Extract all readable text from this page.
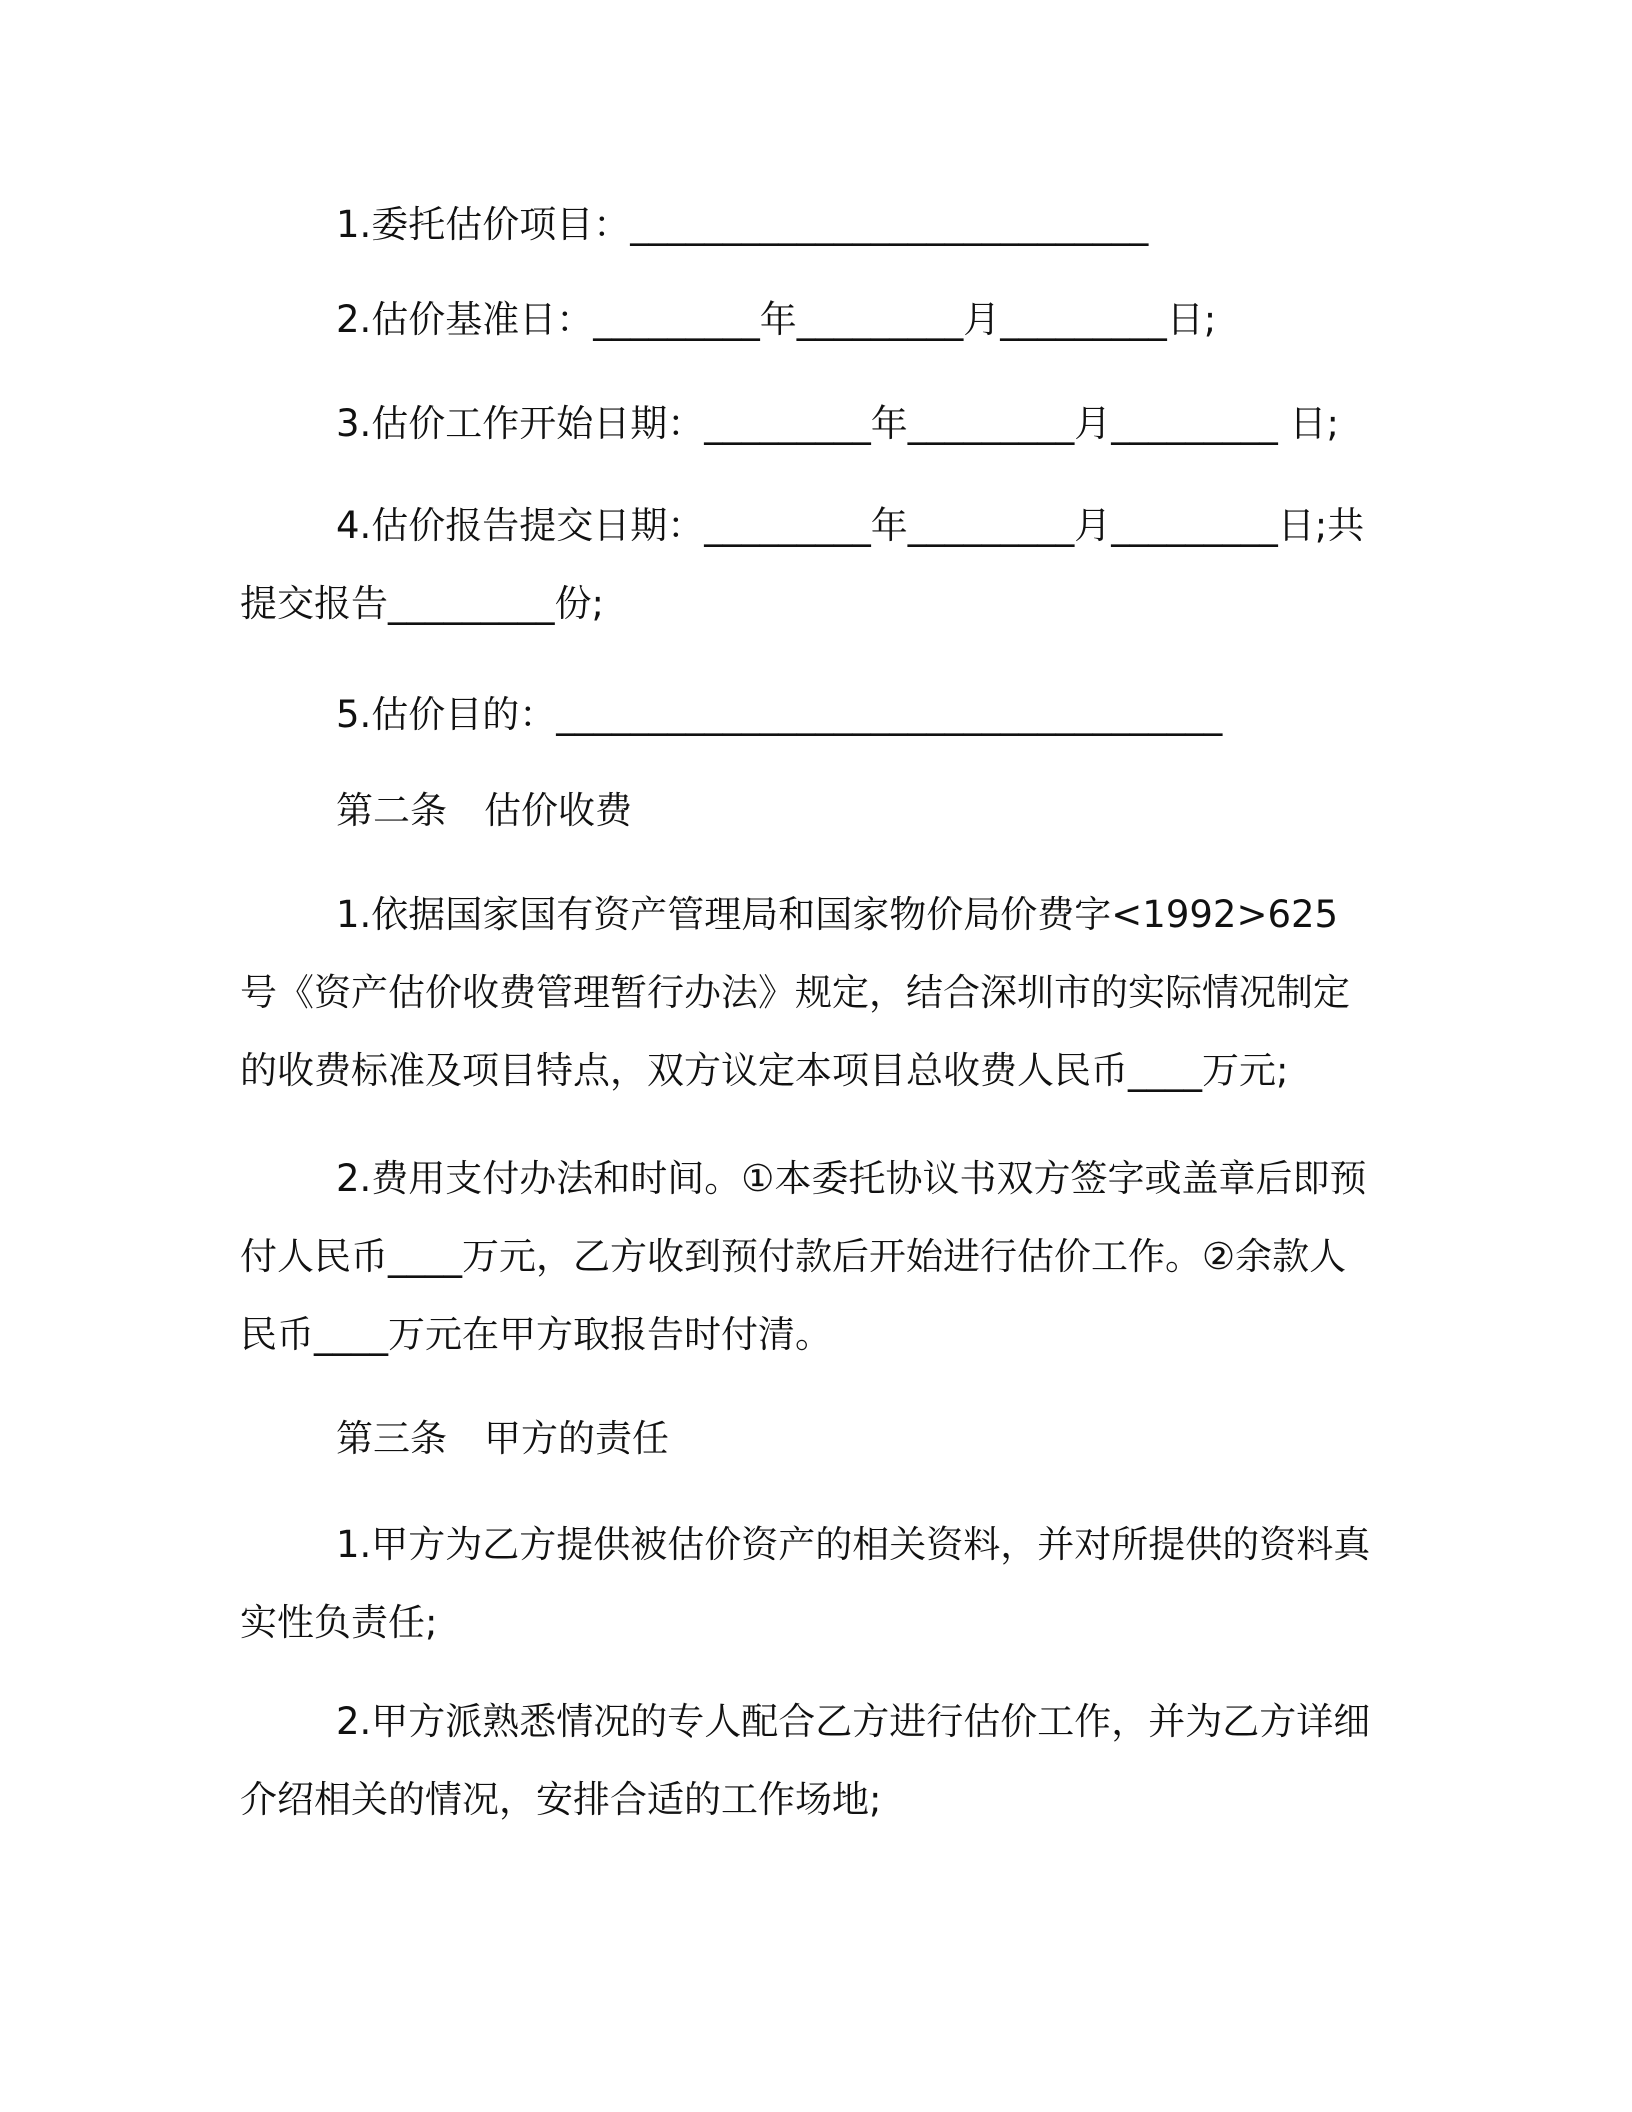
1.委托估价项目：____________________________

2.估价基准日：_________年_________月_________日;

3.估价工作开始日期：_________年_________月_________ 日;

4.估价报告提交日期：_________年_________月_________日;共提交报告_________份;

5.估价目的：____________________________________

第二条　估价收费

1.依据国家国有资产管理局和国家物价局价费字<1992>625 号《资产估价收费管理暂行办法》规定，结合深圳市的实际情况制定的收费标准及项目特点，双方议定本项目总收费人民币____万元;

2.费用支付办法和时间。①本委托协议书双方签字或盖章后即预付人民币____万元，乙方收到预付款后开始进行估价工作。②余款人民币____万元在甲方取报告时付清。

第三条　甲方的责任

1.甲方为乙方提供被估价资产的相关资料，并对所提供的资料真实性负责任;

2.甲方派熟悉情况的专人配合乙方进行估价工作，并为乙方详细介绍相关的情况，安排合适的工作场地;
